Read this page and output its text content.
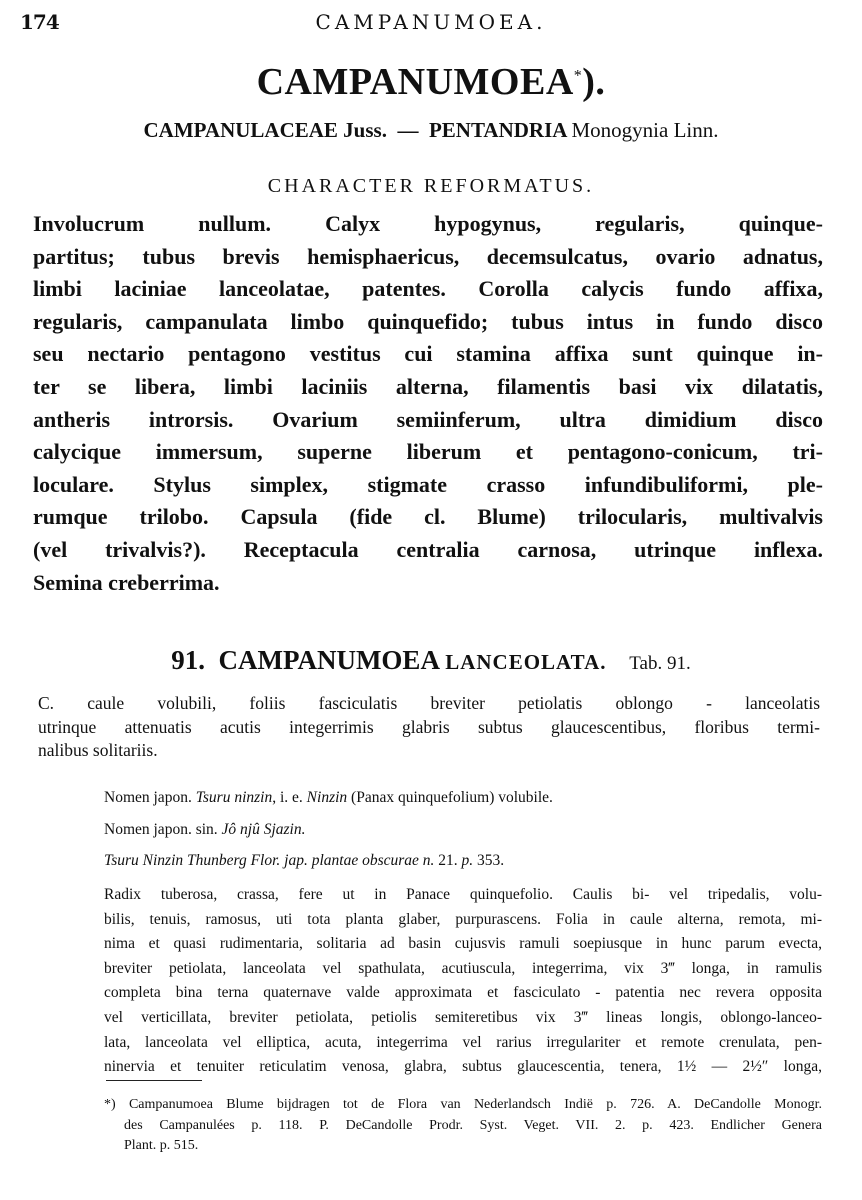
174	CAMPANUMOEA.
CAMPANUMOEA*).
CAMPANULACEAE Juss. — PENTANDRIA Monogynia Linn.
CHARACTER REFORMATUS.
Involucrum nullum. Calyx hypogynus, regularis, quinque-
partitus; tubus brevis hemisphaericus, decemsulcatus, ovario adnatus,
limbi laciniae lanceolatae, patentes. Corolla calycis fundo affixa,
regularis, campanulata limbo quinquefido; tubus intus in fundo disco
seu nectario pentagono vestitus cui stamina affixa sunt quinque in-
ter se libera, limbi laciniis alterna, filamentis basi vix dilatatis,
antheris introrsis. Ovarium semiinferum, ultra dimidium disco
calycique immersum, superne liberum et pentagono-conicum, tri-
loculare. Stylus simplex, stigmate crasso infundibuliformi, ple-
rumque trilobo. Capsula (fide cl. Blume) trilocularis, multivalvis
(vel trivalvis?). Receptacula centralia carnosa, utrinque inflexa.
Semina creberrima.
91. CAMPANUMOEA LANCEOLATA. Tab. 91.
C. caule volubili, foliis fasciculatis breviter petiolatis oblongo - lanceolatis
utrinque attenuatis acutis integerrimis glabris subtus glaucescentibus, floribus termi-
nalibus solitariis.
Nomen japon. Tsuru ninzin, i. e. Ninzin (Panax quinquefolium) volubile.
Nomen japon. sin. Jô njû Sjazin.
Tsuru Ninzin Thunberg Flor. jap. plantae obscurae n. 21. p. 353.
Radix tuberosa, crassa, fere ut in Panace quinquefolio. Caulis bi- vel tripedalis, volu-
bilis, tenuis, ramosus, uti tota planta glaber, purpurascens. Folia in caule alterna, remota, mi-
nima et quasi rudimentaria, solitaria ad basin cujusvis ramuli soepiusque in hunc parum evecta,
breviter petiolata, lanceolata vel spathulata, acutiuscula, integerrima, vix 3‴ longa, in ramulis
completa bina terna quaternave valde approximata et fasciculato - patentia nec revera opposita
vel verticillata, breviter petiolata, petiolis semiteretibus vix 3‴ lineas longis, oblongo-lanceo-
lata, lanceolata vel elliptica, acuta, integerrima vel rarius irregulariter et remote crenulata, pen-
ninervia et tenuiter reticulatim venosa, glabra, subtus glaucescentia, tenera, 1½ — 2½″ longa,
*) Campanumoea Blume bijdragen tot de Flora van Nederlandsch Indië p. 726. A. DeCandolle Monogr.
des Campanulées p. 118. P. DeCandolle Prodr. Syst. Veget. VII. 2. p. 423. Endlicher Genera
Plant. p. 515.
